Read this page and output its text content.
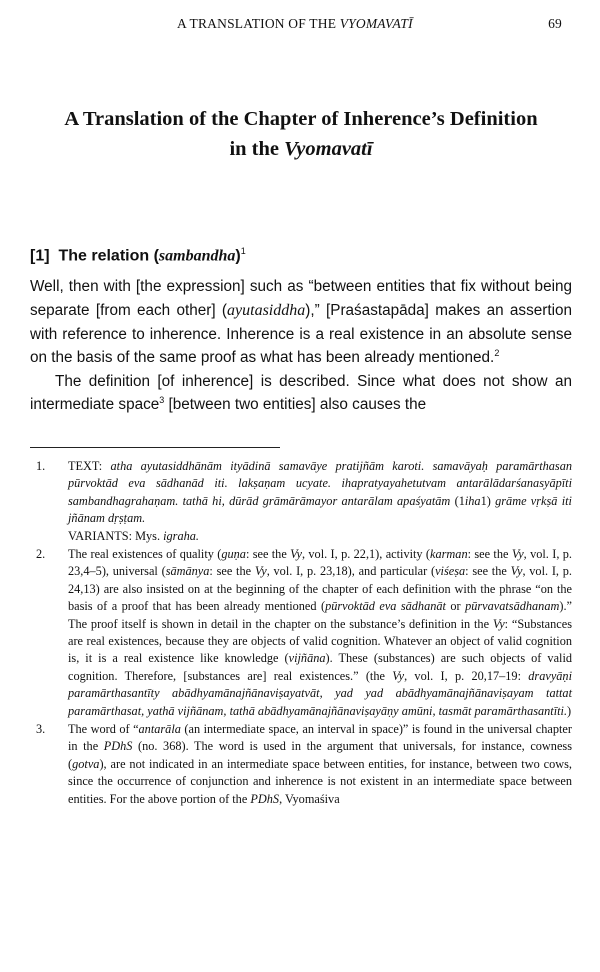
A TRANSLATION OF THE VYOMAVATĪ	69
A Translation of the Chapter of Inherence’s Definition
in the Vyomavatī
[1] The relation (sambandha)$^1$

Well, then with [the expression] such as “between entities that fix without being separate [from each other] (ayutasiddha),” [Praśastapāda] makes an assertion with reference to inherence. Inherence is a real existence in an absolute sense on the basis of the same proof as what has been already mentioned.$^2$

The definition [of inherence] is described. Since what does not show an intermediate space$^3$ [between two entities] also causes the

1. TEXT: atha ayutasiddhānām ityādinā samavāye pratijñām karoti. samavāyaḥ paramārthasan pūrvoktād eva sādhanād iti. lakṣaṇam ucyate. ihapratyayahetutvam antarālādarśanasyāpīti sambandhagrahaṇam. tathā hi, dūrād grāmārāmayor antarālam apaśyatām (1iha1) grāme vṛkṣā iti jñānam dṛṣṭam.
VARIANTS: Mys. igraha.
2. The real existences of quality (guṇa: see the Vy, vol. I, p. 22,1), activity (karman: see the Vy, vol. I, p. 23,4–5), universal (sāmānya: see the Vy, vol. I, p. 23,18), and particular (viśeṣa: see the Vy, vol. I, p. 24,13) are also insisted on at the beginning of the chapter of each definition with the phrase “on the basis of a proof that has been already mentioned (pūrvoktād eva sādhanāt or pūrvavatsādhanam).” The proof itself is shown in detail in the chapter on the substance’s definition in the Vy: “Substances are real existences, because they are objects of valid cognition. Whatever an object of valid cognition is, it is a real existence like knowledge (vijñāna). These (substances) are such objects of valid cognition. Therefore, [substances are] real existences.” (the Vy, vol. I, p. 20,17–19: dravyāṇi paramārthasantīty abādhyamānajñānaviṣayatvāt, yad yad abādhyamānajñānaviṣayam tattat paramārthasat, yathā vijñānam, tathā abādhyamānajñānaviṣayāṇy amūni, tasmāt paramārthasantīti.)
3. The word of “antarāla (an intermediate space, an interval in space)” is found in the universal chapter in the PDhS (no. 368). The word is used in the argument that universals, for instance, cowness (gotva), are not indicated in an intermediate space between entities, for instance, between two cows, since the occurrence of conjunction and inherence is not existent in an intermediate space between entities. For the above portion of the PDhS, Vyomaśiva
